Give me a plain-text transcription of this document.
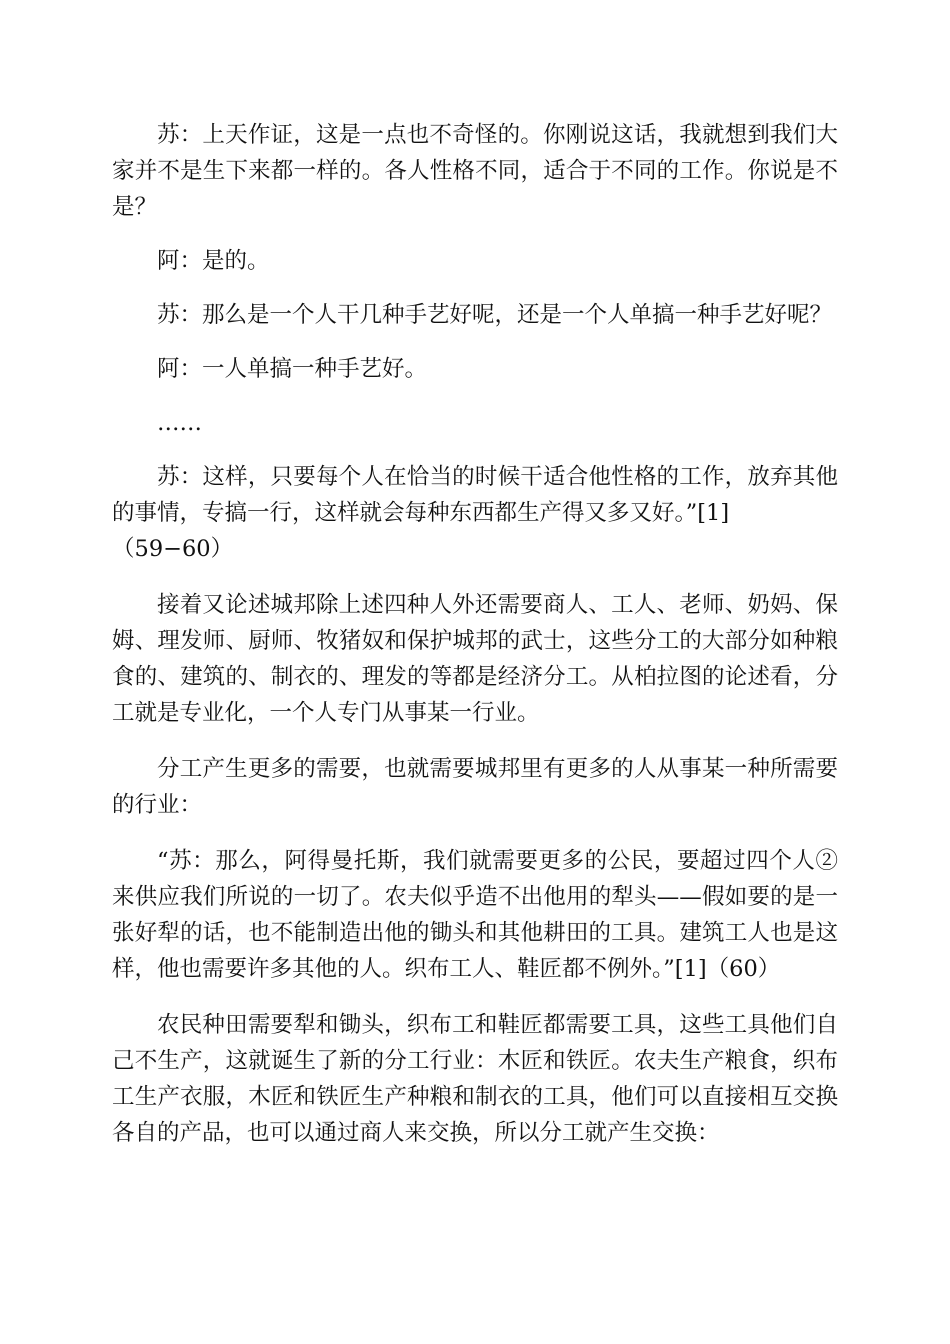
苏：上天作证，这是一点也不奇怪的。你刚说这话，我就想到我们大家并不是生下来都一样的。各人性格不同，适合于不同的工作。你说是不是？

阿：是的。

苏：那么是一个人干几种手艺好呢，还是一个人单搞一种手艺好呢？

阿：一人单搞一种手艺好。

……

苏：这样，只要每个人在恰当的时候干适合他性格的工作，放弃其他的事情，专搞一行，这样就会每种东西都生产得又多又好。”[1]

（59−60）

接着又论述城邦除上述四种人外还需要商人、工人、老师、奶妈、保姆、理发师、厨师、牧猪奴和保护城邦的武士，这些分工的大部分如种粮食的、建筑的、制衣的、理发的等都是经济分工。从柏拉图的论述看，分工就是专业化，一个人专门从事某一行业。

分工产生更多的需要，也就需要城邦里有更多的人从事某一种所需要的行业：

“苏：那么，阿得曼托斯，我们就需要更多的公民，要超过四个人②来供应我们所说的一切了。农夫似乎造不出他用的犁头——假如要的是一张好犁的话，也不能制造出他的锄头和其他耕田的工具。建筑工人也是这样，他也需要许多其他的人。织布工人、鞋匠都不例外。”[1]（60）

农民种田需要犁和锄头，织布工和鞋匠都需要工具，这些工具他们自己不生产，这就诞生了新的分工行业：木匠和铁匠。农夫生产粮食，织布工生产衣服，木匠和铁匠生产种粮和制衣的工具，他们可以直接相互交换各自的产品，也可以通过商人来交换，所以分工就产生交换：
